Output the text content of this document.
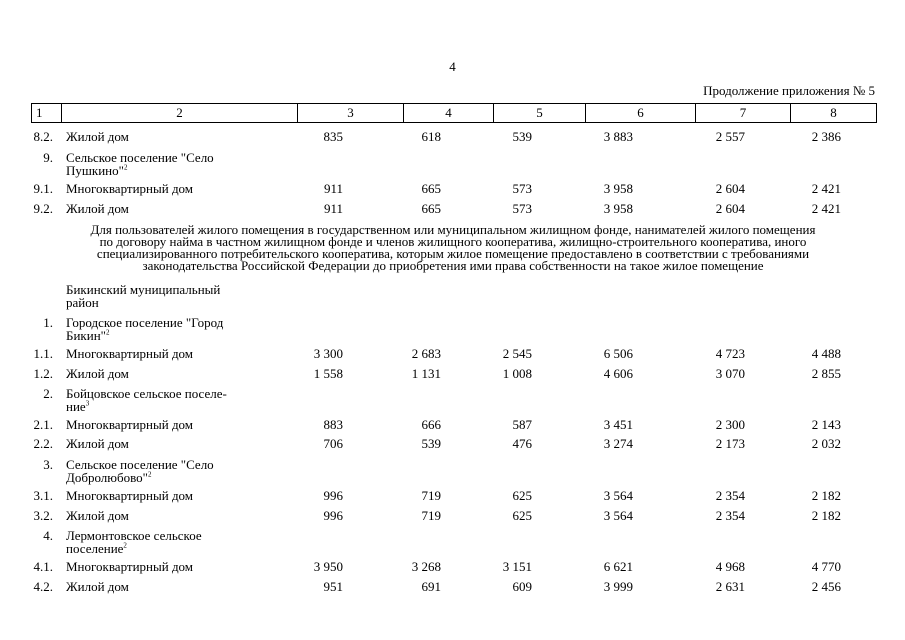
4
Продолжение приложения № 5
1	2	3	4	5	6	7	8
8.2. Жилой дом	835	618	539	3 883	2 557	2 386
9. Сельское поселение "Село
Пушкино"$^2$
9.1. Многоквартирный дом	911	665	573	3 958	2 604	2 421
9.2. Жилой дом	911	665	573	3 958	2 604	2 421
Для пользователей жилого помещения в государственном или муниципальном жилищном фонде, нанимателей жилого помещения
по договору найма в частном жилищном фонде и членов жилищного кооператива, жилищно-строительного кооператива, иного
специализированного потребительского кооператива, которым жилое помещение предоставлено в соответствии с требованиями
законодательства Российской Федерации до приобретения ими права собственности на такое жилое помещение
Бикинский муниципальный
район
1. Городское поселение "Город
Бикин"$^2$
1.1. Многоквартирный дом	3 300	2 683	2 545	6 506	4 723	4 488
1.2. Жилой дом	1 558	1 131	1 008	4 606	3 070	2 855
2. Бойцовское сельское поселе-
ние$^3$
2.1. Многоквартирный дом	883	666	587	3 451	2 300	2 143
2.2. Жилой дом	706	539	476	3 274	2 173	2 032
3. Сельское поселение "Село
Добролюбово"$^2$
3.1. Многоквартирный дом	996	719	625	3 564	2 354	2 182
3.2. Жилой дом	996	719	625	3 564	2 354	2 182
4. Лермонтовское сельское
поселение$^2$
4.1. Многоквартирный дом	3 950	3 268	3 151	6 621	4 968	4 770
4.2. Жилой дом	951	691	609	3 999	2 631	2 456
